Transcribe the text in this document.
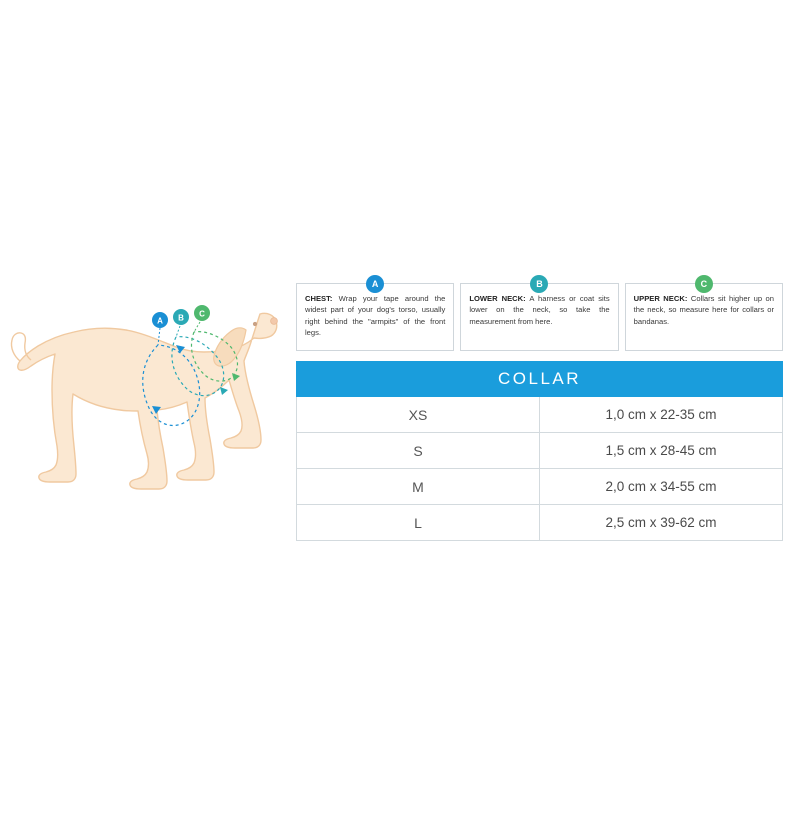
A B C
A

CHEST: Wrap your tape around the widest part of your dog's torso, usually right behind the "armpits" of the front legs.

B

LOWER NECK: A harness or coat sits lower on the neck, so take the measurement from here.

C

UPPER NECK: Collars sit higher up on the neck, so measure here for collars or bandanas.

COLLAR	
XS	1,0 cm x 22-35 cm
S	1,5 cm x 28-45 cm
M	2,0 cm x 34-55 cm
L	2,5 cm x 39-62 cm
